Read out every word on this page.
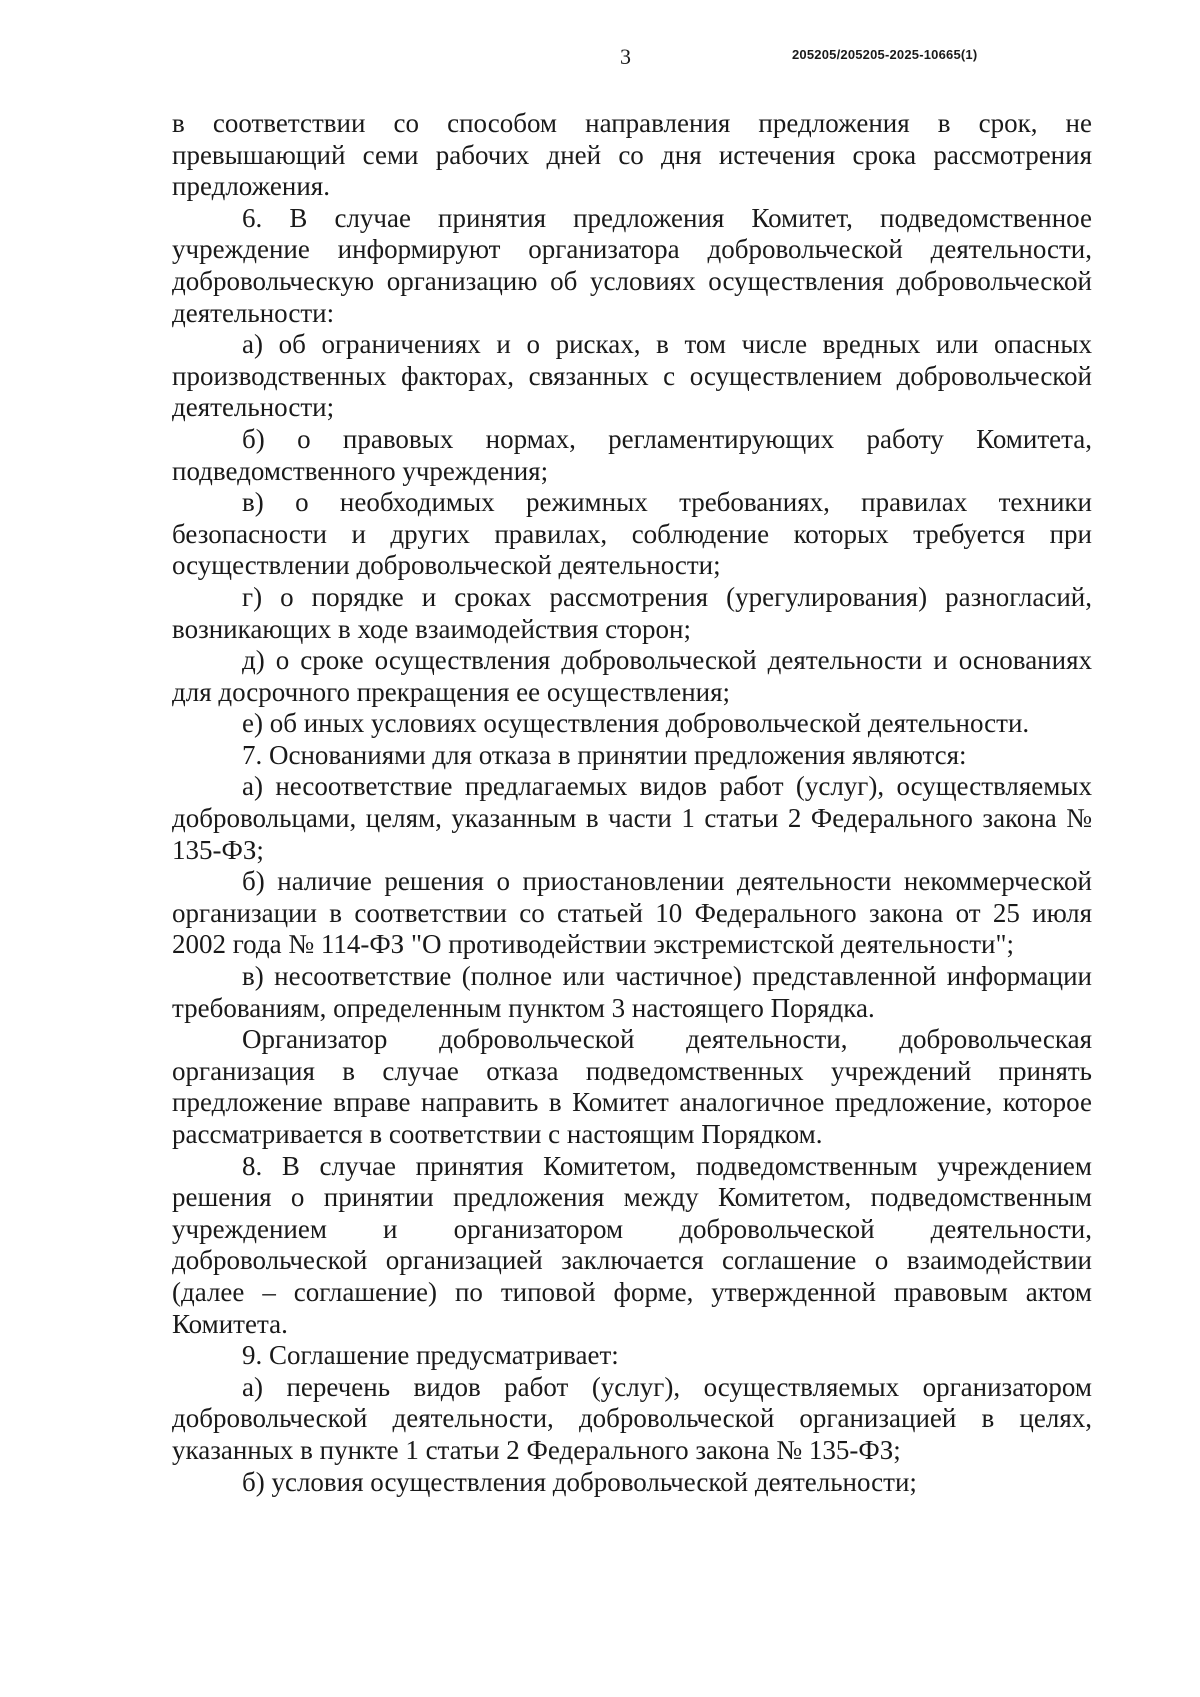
3	205205/205205-2025-10665(1)

в соответствии со способом направления предложения в срок, не превышающий семи рабочих дней со дня истечения срока рассмотрения предложения.

6. В случае принятия предложения Комитет, подведомственное учреждение информируют организатора добровольческой деятельности, добровольческую организацию об условиях осуществления добровольческой деятельности:

а) об ограничениях и о рисках, в том числе вредных или опасных производственных факторах, связанных с осуществлением добровольческой деятельности;

б) о правовых нормах, регламентирующих работу Комитета, подведомственного учреждения;

в) о необходимых режимных требованиях, правилах техники безопасности и других правилах, соблюдение которых требуется при осуществлении добровольческой деятельности;

г) о порядке и сроках рассмотрения (урегулирования) разногласий, возникающих в ходе взаимодействия сторон;

д) о сроке осуществления добровольческой деятельности и основаниях для досрочного прекращения ее осуществления;

е) об иных условиях осуществления добровольческой деятельности.

7. Основаниями для отказа в принятии предложения являются:

а) несоответствие предлагаемых видов работ (услуг), осуществляемых добровольцами, целям, указанным в части 1 статьи 2 Федерального закона № 135-ФЗ;

б) наличие решения о приостановлении деятельности некоммерческой организации в соответствии со статьей 10 Федерального закона от 25 июля 2002 года № 114-ФЗ "О противодействии экстремистской деятельности";

в) несоответствие (полное или частичное) представленной информации требованиям, определенным пунктом 3 настоящего Порядка.

Организатор добровольческой деятельности, добровольческая организация в случае отказа подведомственных учреждений принять предложение вправе направить в Комитет аналогичное предложение, которое рассматривается в соответствии с настоящим Порядком.

8. В случае принятия Комитетом, подведомственным учреждением решения о принятии предложения между Комитетом, подведомственным учреждением и организатором добровольческой деятельности, добровольческой организацией заключается соглашение о взаимодействии (далее – соглашение) по типовой форме, утвержденной правовым актом Комитета.

9. Соглашение предусматривает:

а) перечень видов работ (услуг), осуществляемых организатором добровольческой деятельности, добровольческой организацией в целях, указанных в пункте 1 статьи 2 Федерального закона № 135-ФЗ;

б) условия осуществления добровольческой деятельности;
